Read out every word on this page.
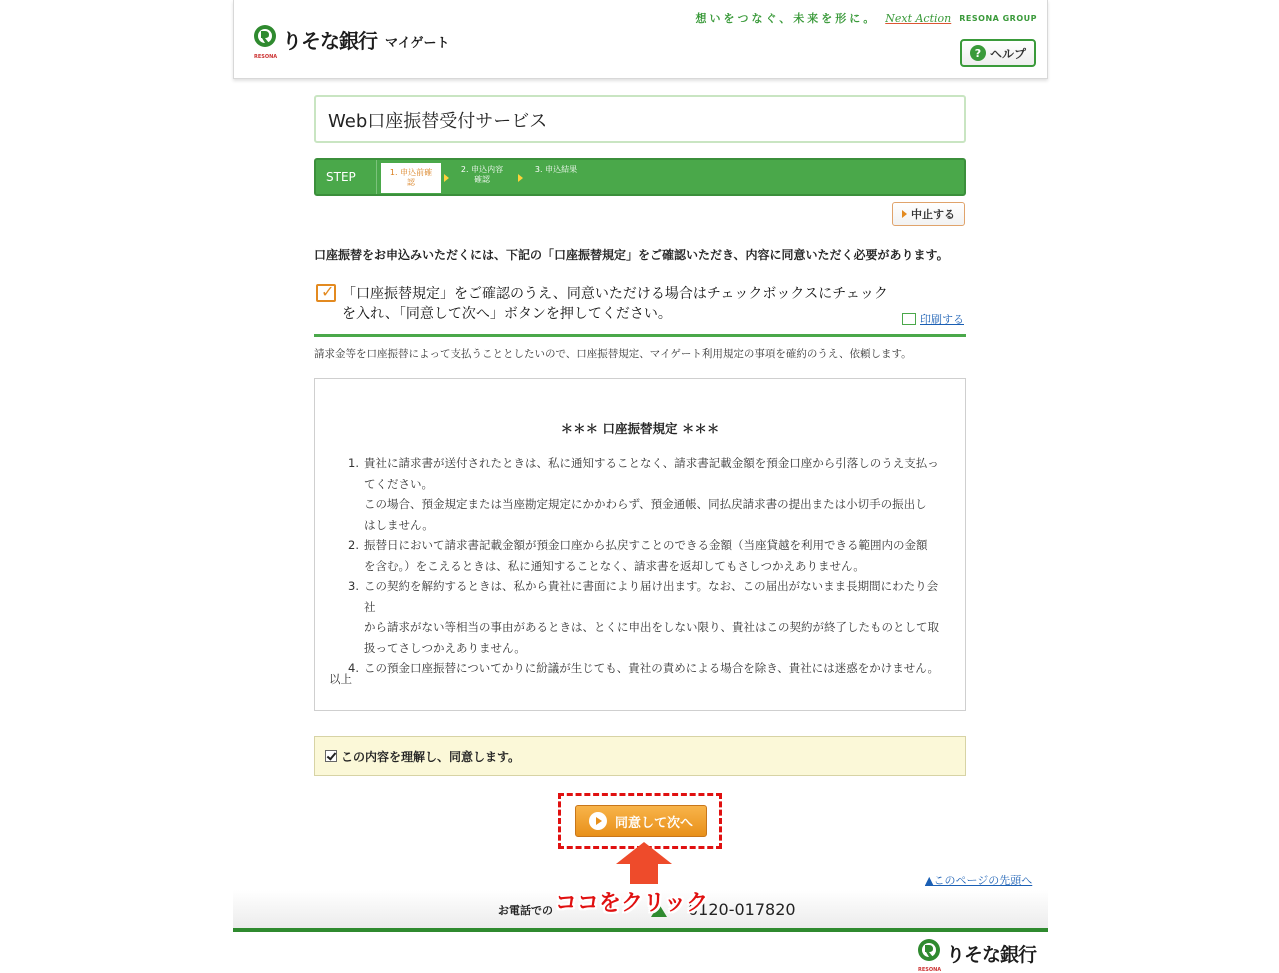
RESONA
りそな銀行 マイゲート
想いをつなぐ、未来を形に。 Next Action RESONA GROUP
? ヘルプ
Web口座振替受付サービス
STEP	1. 申込前確
認
2. 申込内容
確認
3. 申込結果
中止する
口座振替をお申込みいただくには、下記の「口座振替規定」をご確認いただき、内容に同意いただく必要があります。
✓ 「口座振替規定」をご確認のうえ、同意いただける場合はチェックボックスにチェック
を入れ、「同意して次へ」ボタンを押してください。	印刷する
請求金等を口座振替によって支払うこととしたいので、口座振替規定、マイゲート利用規定の事項を確約のうえ、依頼します。
＊＊＊ 口座振替規定 ＊＊＊
1. 貴社に請求書が送付されたときは、私に通知することなく、請求書記載金額を預金口座から引落しのうえ支払っ
てください。
この場合、預金規定または当座勘定規定にかかわらず、預金通帳、同払戻請求書の提出または小切手の振出し
はしません。
2. 振替日において請求書記載金額が預金口座から払戻すことのできる金額（当座貸越を利用できる範囲内の金額
を含む。）をこえるときは、私に通知することなく、請求書を返却してもさしつかえありません。
3. この契約を解約するときは、私から貴社に書面により届け出ます。なお、この届出がないまま長期間にわたり会社
から請求がない等相当の事由があるときは、とくに申出をしない限り、貴社はこの契約が終了したものとして取
扱ってさしつかえありません。
4. この預金口座振替についてかりに紛議が生じても、貴社の責めによる場合を除き、貴社には迷惑をかけません。
以上
この内容を理解し、同意します。
同意して次へ
▲このページの先頭へ
お電話での	0120-017820
ココをクリック
RESONA
りそな銀行
